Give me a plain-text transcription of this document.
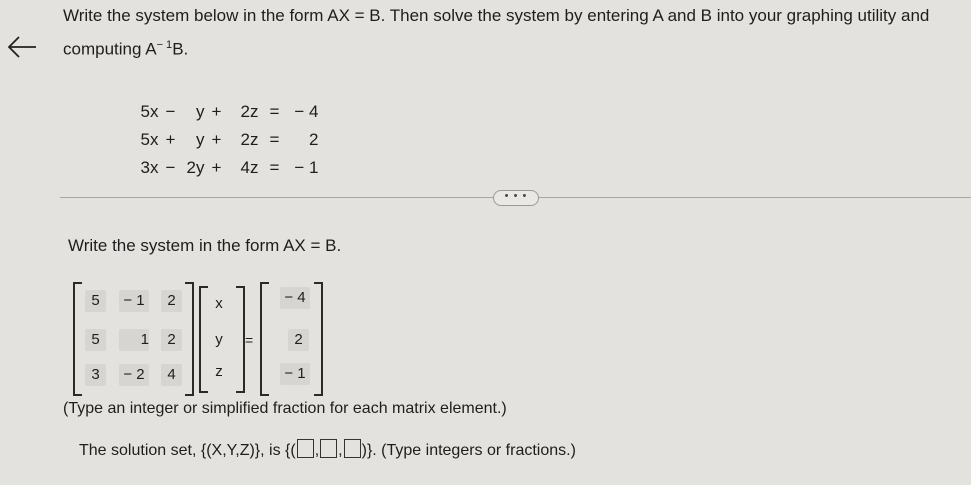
Write the system below in the form AX = B. Then solve the system by entering A and B into your graphing utility and
computing $A^{- 1}B$.

5x − y + 2z = − 4

5x + y + 2z = 2

3x − 2y + 4z = − 1

• • •
Write the system in the form AX = B.
5	− 1	2
5	1	2
3	− 2	4
x
y
z
=
− 4
2
− 1
(Type an integer or simplified fraction for each matrix element.)
The solution set, {(X,Y,Z)}, is {( , , )}. (Type integers or fractions.)
